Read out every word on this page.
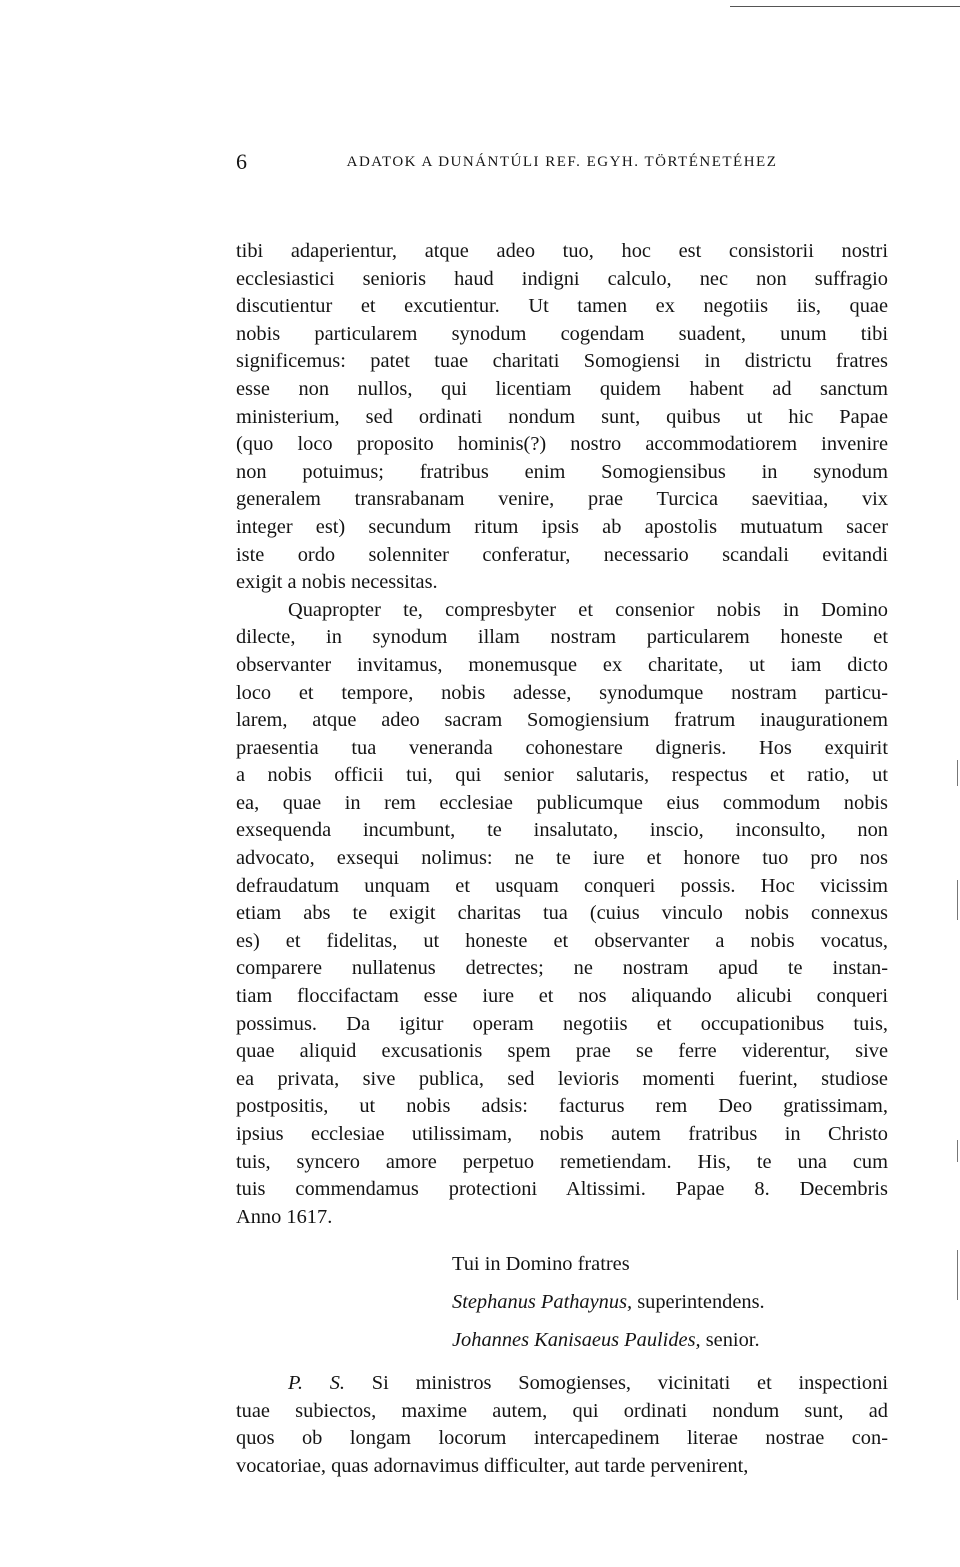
6	ADATOK A DUNÁNTÚLI REF. EGYH. TÖRTÉNETÉHEZ
tibi adaperientur, atque adeo tuo, hoc est consistorii nostri
ecclesiastici senioris haud indigni calculo, nec non suffragio
discutientur et excutientur. Ut tamen ex negotiis iis, quae
nobis particularem synodum cogendam suadent, unum tibi
significemus: patet tuae charitati Somogiensi in districtu fratres
esse non nullos, qui licentiam quidem habent ad sanctum
ministerium, sed ordinati nondum sunt, quibus ut hic Papae
(quo loco proposito hominis(?) nostro accommodatiorem invenire
non potuimus; fratribus enim Somogiensibus in synodum
generalem transrabanam venire, prae Turcica saevitiaa, vix
integer est) secundum ritum ipsis ab apostolis mutuatum sacer
iste ordo solenniter conferatur, necessario scandali evitandi
exigit a nobis necessitas.
Quapropter te, compresbyter et consenior nobis in Domino
dilecte, in synodum illam nostram particularem honeste et
observanter invitamus, monemusque ex charitate, ut iam dicto
loco et tempore, nobis adesse, synodumque nostram particu-
larem, atque adeo sacram Somogiensium fratrum inaugurationem
praesentia tua veneranda cohonestare digneris. Hos exquirit
a nobis officii tui, qui senior salutaris, respectus et ratio, ut
ea, quae in rem ecclesiae publicumque eius commodum nobis
exsequenda incumbunt, te insalutato, inscio, inconsulto, non
advocato, exsequi nolimus: ne te iure et honore tuo pro nos
defraudatum unquam et usquam conqueri possis. Hoc vicissim
etiam abs te exigit charitas tua (cuius vinculo nobis connexus
es) et fidelitas, ut honeste et observanter a nobis vocatus,
comparere nullatenus detrectes; ne nostram apud te instan-
tiam floccifactam esse iure et nos aliquando alicubi conqueri
possimus. Da igitur operam negotiis et occupationibus tuis,
quae aliquid excusationis spem prae se ferre viderentur, sive
ea privata, sive publica, sed levioris momenti fuerint, studiose
postpositis, ut nobis adsis: facturus rem Deo gratissimam,
ipsius ecclesiae utilissimam, nobis autem fratribus in Christo
tuis, syncero amore perpetuo remetiendam. His, te una cum
tuis commendamus protectioni Altissimi. Papae 8. Decembris
Anno 1617.
Tui in Domino fratres
Stephanus Pathaynus, superintendens.
Johannes Kanisaeus Paulides, senior.
P. S. Si ministros Somogienses, vicinitati et inspectioni
tuae subiectos, maxime autem, qui ordinati nondum sunt, ad
quos ob longam locorum intercapedinem literae nostrae con-
vocatoriae, quas adornavimus difficulter, aut tarde pervenirent,
